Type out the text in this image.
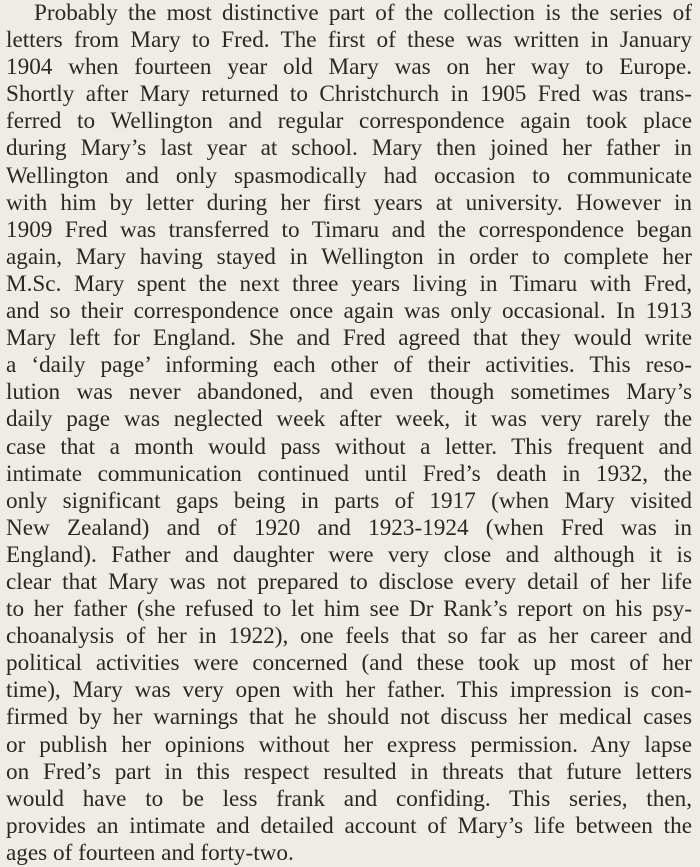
Probably the most distinctive part of the collection is the series of
letters from Mary to Fred. The first of these was written in January
1904 when fourteen year old Mary was on her way to Europe.
Shortly after Mary returned to Christchurch in 1905 Fred was trans-
ferred to Wellington and regular correspondence again took place
during Mary’s last year at school. Mary then joined her father in
Wellington and only spasmodically had occasion to communicate
with him by letter during her first years at university. However in
1909 Fred was transferred to Timaru and the correspondence began
again, Mary having stayed in Wellington in order to complete her
M.Sc. Mary spent the next three years living in Timaru with Fred,
and so their correspondence once again was only occasional. In 1913
Mary left for England. She and Fred agreed that they would write
a ‘daily page’ informing each other of their activities. This reso-
lution was never abandoned, and even though sometimes Mary’s
daily page was neglected week after week, it was very rarely the
case that a month would pass without a letter. This frequent and
intimate communication continued until Fred’s death in 1932, the
only significant gaps being in parts of 1917 (when Mary visited
New Zealand) and of 1920 and 1923-1924 (when Fred was in
England). Father and daughter were very close and although it is
clear that Mary was not prepared to disclose every detail of her life
to her father (she refused to let him see Dr Rank’s report on his psy-
choanalysis of her in 1922), one feels that so far as her career and
political activities were concerned (and these took up most of her
time), Mary was very open with her father. This impression is con-
firmed by her warnings that he should not discuss her medical cases
or publish her opinions without her express permission. Any lapse
on Fred’s part in this respect resulted in threats that future letters
would have to be less frank and confiding. This series, then,
provides an intimate and detailed account of Mary’s life between the
ages of fourteen and forty-two.
